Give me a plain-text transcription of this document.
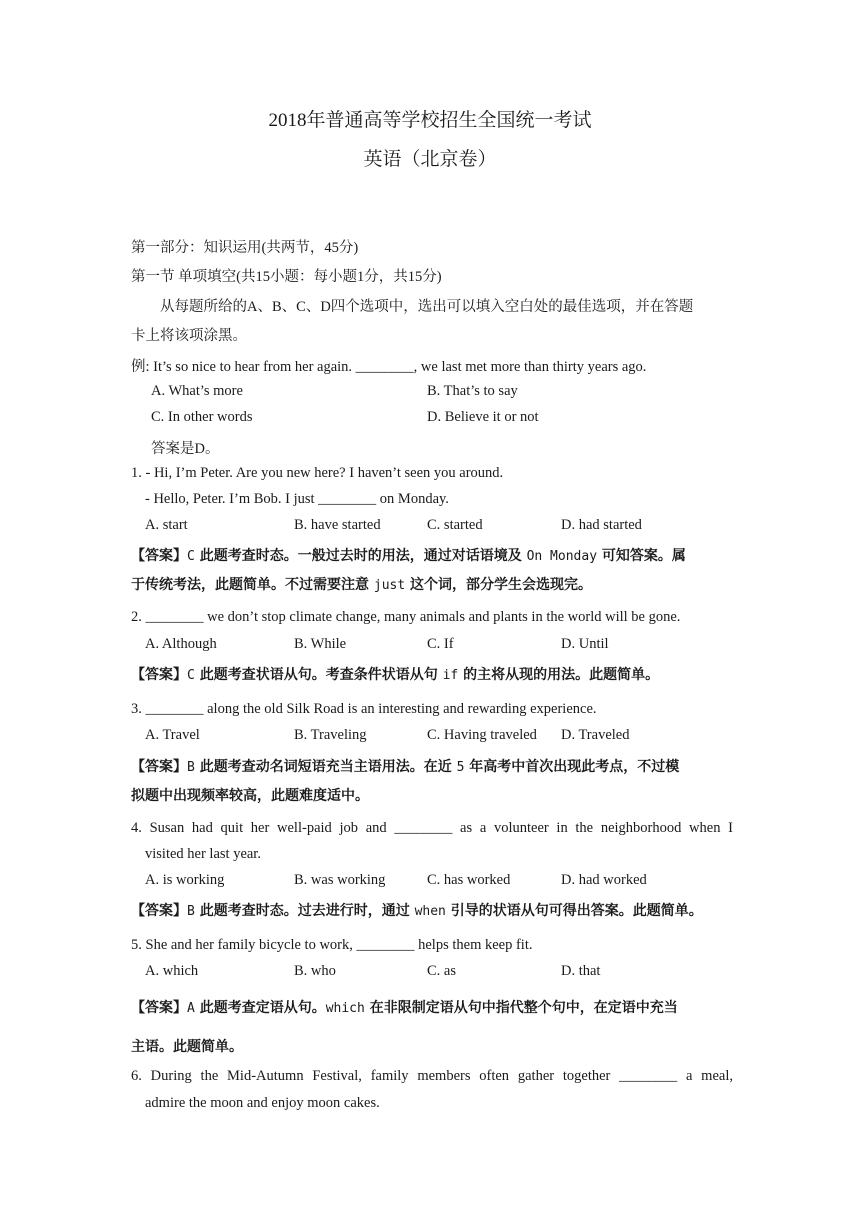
2018年普通高等学校招生全国统一考试
英语（北京卷）
第一部分：知识运用(共两节，45分)
第一节 单项填空(共15小题：每小题1分，共15分)
从每题所给的A、B、C、D四个选项中，选出可以填入空白处的最佳选项，并在答题
卡上将该项涂黑。
例: It’s so nice to hear from her again. ________, we last met more than thirty years ago.
A. What’s more	B. That’s to say
C. In other words	D. Believe it or not
答案是D。
1. - Hi, I’m Peter. Are you new here? I haven’t seen you around.
- Hello, Peter. I’m Bob. I just ________ on Monday.
A. start	B. have started	C. started	D. had started
【答案】C 此题考查时态。一般过去时的用法，通过对话语境及 On Monday 可知答案。属
于传统考法，此题简单。不过需要注意 just 这个词，部分学生会选现完。
2. ________ we don’t stop climate change, many animals and plants in the world will be gone.
A. Although	B. While	C. If	D. Until
【答案】C 此题考查状语从句。考查条件状语从句 if 的主将从现的用法。此题简单。
3. ________ along the old Silk Road is an interesting and rewarding experience.
A. Travel	B. Traveling	C. Having traveled D. Traveled
【答案】B 此题考查动名词短语充当主语用法。在近 5 年高考中首次出现此考点，不过模
拟题中出现频率较高，此题难度适中。
4. Susan had quit her well-paid job and ________ as a volunteer in the neighborhood when I
visited her last year.
A. is working	B. was working	C. has worked	D. had worked
【答案】B 此题考查时态。过去进行时，通过 when 引导的状语从句可得出答案。此题简单。
5. She and her family bicycle to work, ________ helps them keep fit.
A. which	B. who	C. as	D. that
【答案】A 此题考查定语从句。which 在非限制定语从句中指代整个句中，在定语中充当
主语。此题简单。
6. During the Mid-Autumn Festival, family members often gather together ________ a meal,
admire the moon and enjoy moon cakes.
